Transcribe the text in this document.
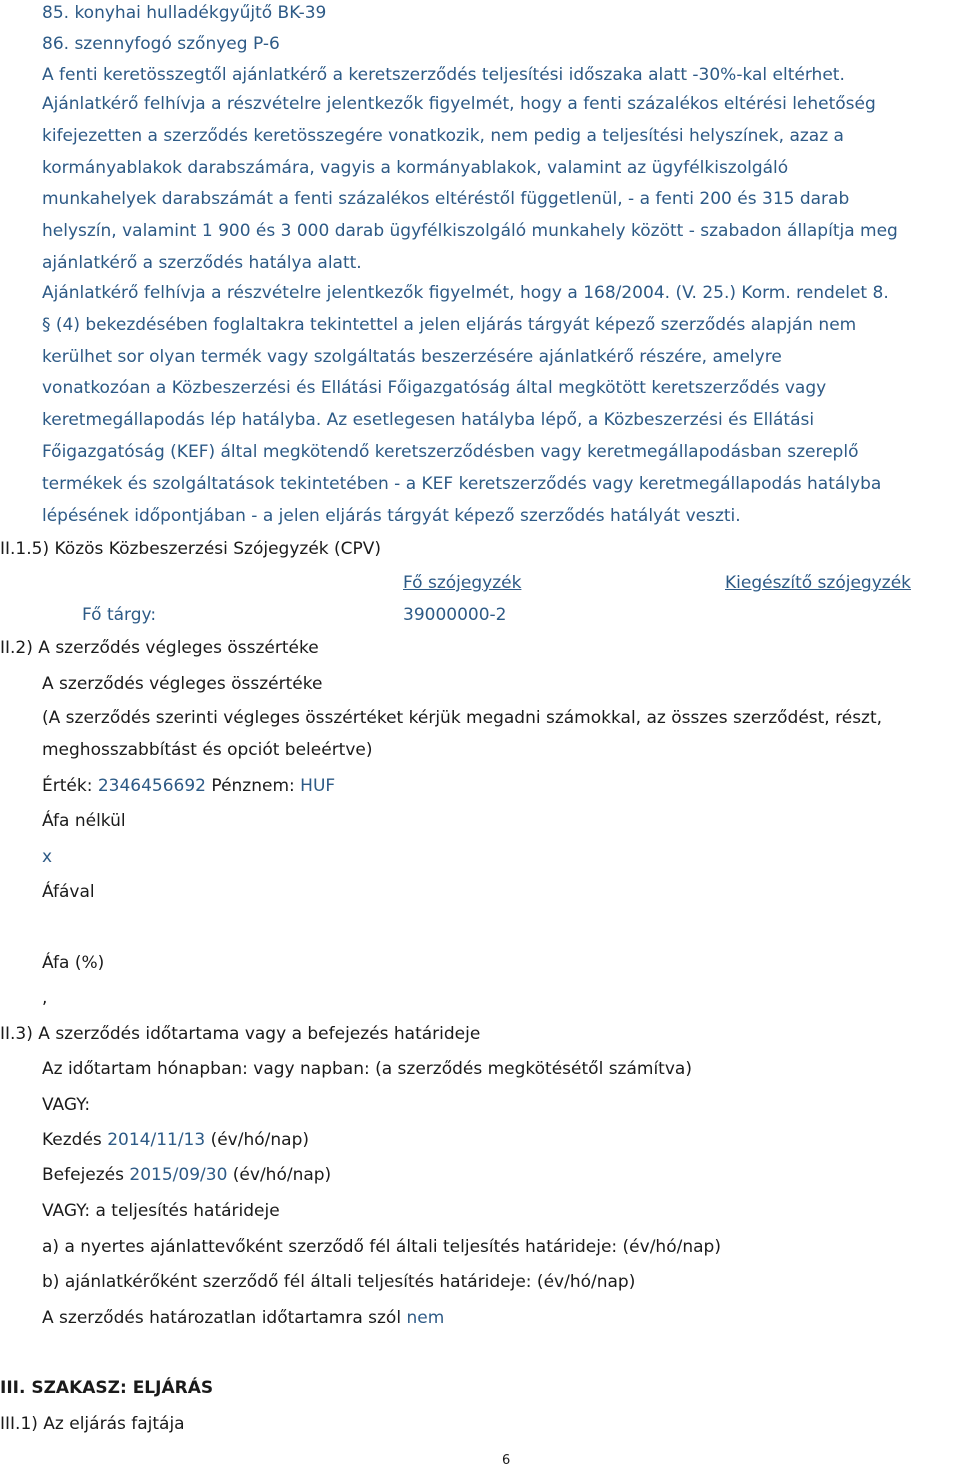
85. konyhai hulladékgyűjtő BK-39
86. szennyfogó szőnyeg P-6
A fenti keretösszegtől ajánlatkérő a keretszerződés teljesítési időszaka alatt -30%-kal eltérhet.

Ajánlatkérő felhívja a részvételre jelentkezők figyelmét, hogy a fenti százalékos eltérési lehetőség

kifejezetten a szerződés keretösszegére vonatkozik, nem pedig a teljesítési helyszínek, azaz a

kormányablakok darabszámára, vagyis a kormányablakok, valamint az ügyfélkiszolgáló

munkahelyek darabszámát a fenti százalékos eltéréstől függetlenül, - a fenti 200 és 315 darab

helyszín, valamint 1 900 és 3 000 darab ügyfélkiszolgáló munkahely között - szabadon állapítja meg

ajánlatkérő a szerződés hatálya alatt.

Ajánlatkérő felhívja a részvételre jelentkezők figyelmét, hogy a 168/2004. (V. 25.) Korm. rendelet 8.

§ (4) bekezdésében foglaltakra tekintettel a jelen eljárás tárgyát képező szerződés alapján nem

kerülhet sor olyan termék vagy szolgáltatás beszerzésére ajánlatkérő részére, amelyre

vonatkozóan a Közbeszerzési és Ellátási Főigazgatóság által megkötött keretszerződés vagy

keretmegállapodás lép hatályba. Az esetlegesen hatályba lépő, a Közbeszerzési és Ellátási

Főigazgatóság (KEF) által megkötendő keretszerződésben vagy keretmegállapodásban szereplő

termékek és szolgáltatások tekintetében - a KEF keretszerződés vagy keretmegállapodás hatályba

lépésének időpontjában - a jelen eljárás tárgyát képező szerződés hatályát veszti.

II.1.5) Közös Közbeszerzési Szójegyzék (CPV)
Fő szójegyzék	Kiegészítő szójegyzék
Fő tárgy:	39000000-2
II.2) A szerződés végleges összértéke
A szerződés végleges összértéke
(A szerződés szerinti végleges összértéket kérjük megadni számokkal, az összes szerződést, részt,
meghosszabbítást és opciót beleértve)
Érték: 2346456692 Pénznem: HUF
Áfa nélkül
x
Áfával
Áfa (%)
,
II.3) A szerződés időtartama vagy a befejezés határideje
Az időtartam hónapban: vagy napban: (a szerződés megkötésétől számítva)
VAGY:
Kezdés 2014/11/13 (év/hó/nap)
Befejezés 2015/09/30 (év/hó/nap)
VAGY: a teljesítés határideje
a) a nyertes ajánlattevőként szerződő fél általi teljesítés határideje: (év/hó/nap)
b) ajánlatkérőként szerződő fél általi teljesítés határideje: (év/hó/nap)
A szerződés határozatlan időtartamra szól nem
III. SZAKASZ: ELJÁRÁS
III.1) Az eljárás fajtája
6
